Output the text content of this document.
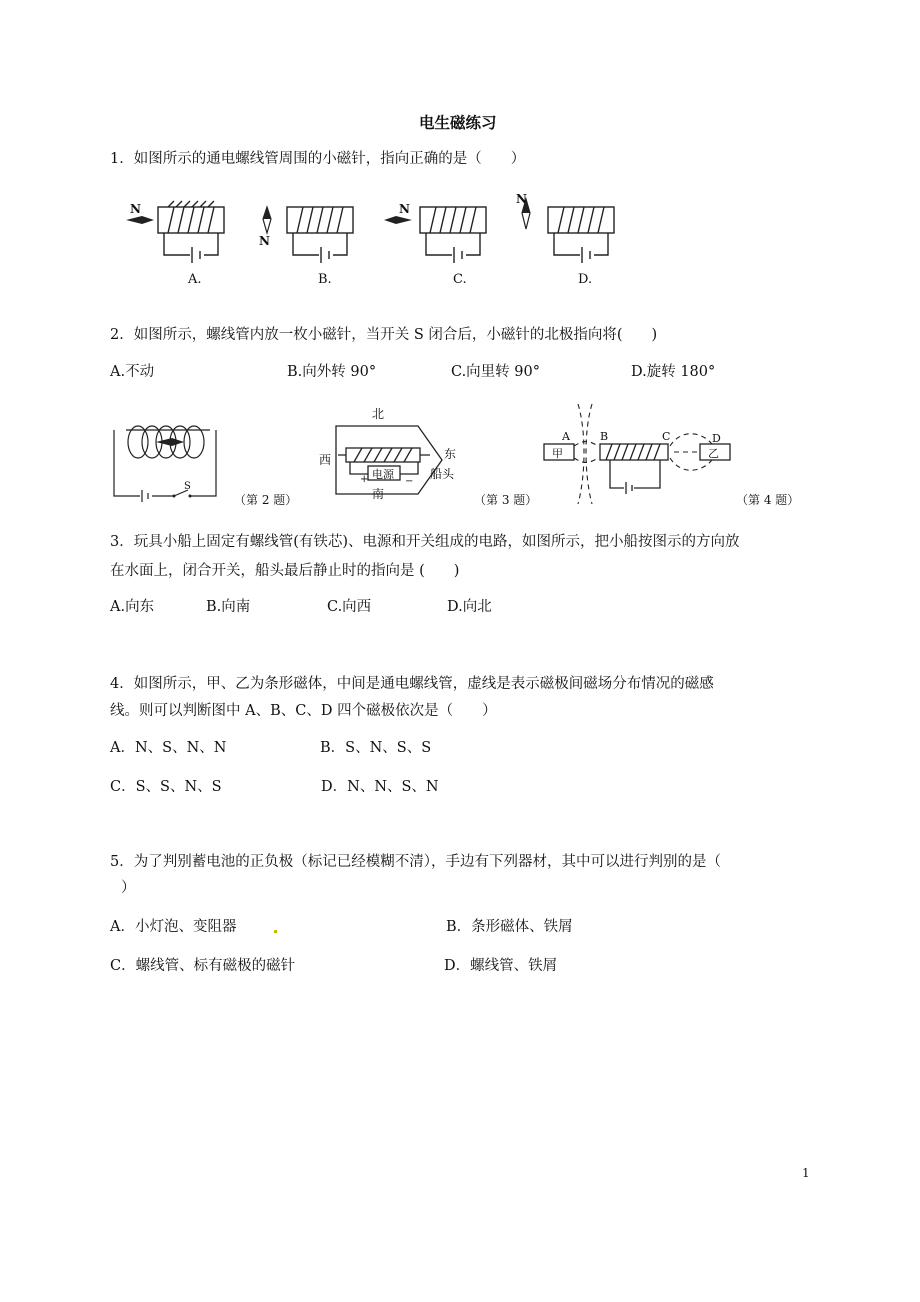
电生磁练习
1．如图所示的通电螺线管周围的小磁针，指向正确的是（　　）
N
N
N
N
A.	B.	C.	D.
2．如图所示，螺线管内放一枚小磁针，当开关 S 闭合后，小磁针的北极指向将(　　)
A.不动	B.向外转 90°	C.向里转 90°	D.旋转 180°
S
（第 2 题）
北
西
南
东
船头
电源
+	−
（第 3 题）
A	B	C	D
甲	乙
（第 4 题）
3．玩具小船上固定有螺线管(有铁芯)、电源和开关组成的电路，如图所示，把小船按图示的方向放
在水面上，闭合开关，船头最后静止时的指向是 (　　)
A.向东	B.向南	C.向西	D.向北
4．如图所示，甲、乙为条形磁体，中间是通电螺线管，虚线是表示磁极间磁场分布情况的磁感
线。则可以判断图中 A、B、C、D 四个磁极依次是（　　）
A．N、S、N、N	B．S、N、S、S
C．S、S、N、S	D．N、N、S、N
5．为了判别蓄电池的正负极（标记已经模糊不清），手边有下列器材，其中可以进行判别的是（
）
A．小灯泡、变阻器	B．条形磁体、铁屑
C．螺线管、标有磁极的磁针	D．螺线管、铁屑
1
